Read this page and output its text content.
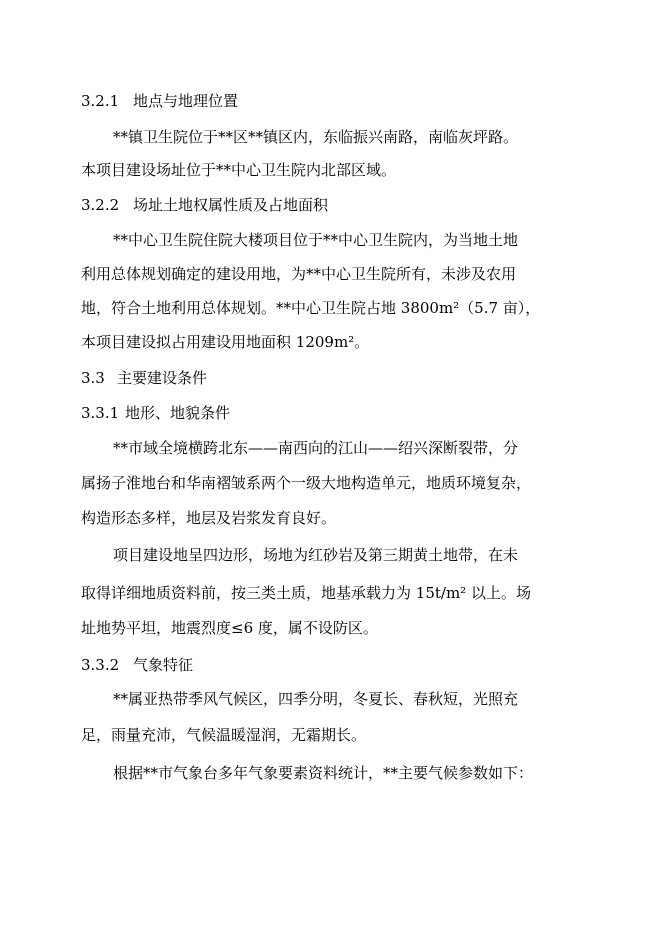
3.2.1 地点与地理位置
**镇卫生院位于**区**镇区内，东临振兴南路，南临灰坪路。
本项目建设场址位于**中心卫生院内北部区域。
3.2.2 场址土地权属性质及占地面积
**中心卫生院住院大楼项目位于**中心卫生院内，为当地土地
利用总体规划确定的建设用地，为**中心卫生院所有，未涉及农用
地，符合土地利用总体规划。**中心卫生院占地 3800m²（5.7 亩），
本项目建设拟占用建设用地面积 1209m²。
3.3 主要建设条件
3.3.1 地形、地貌条件
**市域全境横跨北东——南西向的江山——绍兴深断裂带，分
属扬子淮地台和华南褶皱系两个一级大地构造单元，地质环境复杂，
构造形态多样，地层及岩浆发育良好。
项目建设地呈四边形，场地为红砂岩及第三期黄土地带，在未
取得详细地质资料前，按三类土质，地基承载力为 15t/m² 以上。场
址地势平坦，地震烈度≤6 度，属不设防区。
3.3.2 气象特征
**属亚热带季风气候区，四季分明，冬夏长、春秋短，光照充
足，雨量充沛，气候温暖湿润，无霜期长。
根据**市气象台多年气象要素资料统计，**主要气候参数如下：
